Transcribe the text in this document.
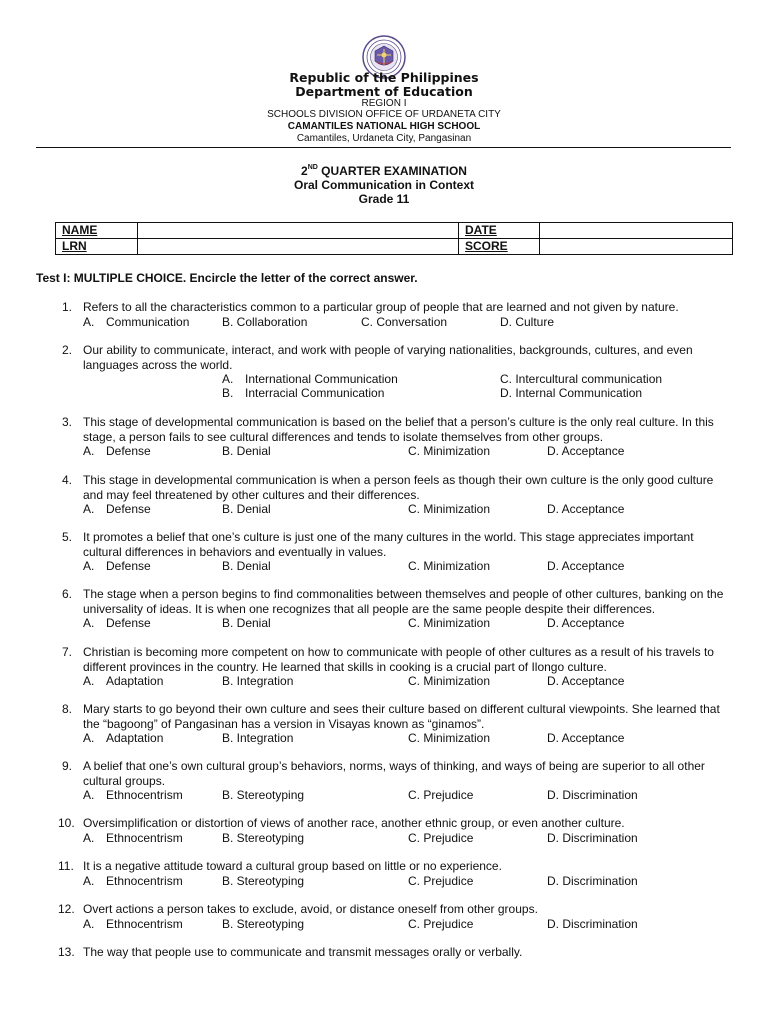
Republic of the Philippines
Department of Education
REGION I
SCHOOLS DIVISION OFFICE OF URDANETA CITY
CAMANTILES NATIONAL HIGH SCHOOL
Camantiles, Urdaneta City, Pangasinan
2ND QUARTER EXAMINATION
Oral Communication in Context
Grade 11
NAME		DATE	
LRN		SCORE	
Test I: MULTIPLE CHOICE. Encircle the letter of the correct answer.
1. Refers to all the characteristics common to a particular group of people that are learned and not given by nature.
A. Communication	B. Collaboration	C. Conversation	D. Culture
2. Our ability to communicate, interact, and work with people of varying nationalities, backgrounds, cultures, and even languages across the world.
A. International Communication	C. Intercultural communication
B. Interracial Communication	D. Internal Communication
3. This stage of developmental communication is based on the belief that a person’s culture is the only real culture. In this stage, a person fails to see cultural differences and tends to isolate themselves from other groups.
A. Defense	B. Denial	C. Minimization	D. Acceptance
4. This stage in developmental communication is when a person feels as though their own culture is the only good culture and may feel threatened by other cultures and their differences.
A. Defense	B. Denial	C. Minimization	D. Acceptance
5. It promotes a belief that one’s culture is just one of the many cultures in the world. This stage appreciates important cultural differences in behaviors and eventually in values.
A. Defense	B. Denial	C. Minimization	D. Acceptance
6. The stage when a person begins to find commonalities between themselves and people of other cultures, banking on the universality of ideas. It is when one recognizes that all people are the same people despite their differences.
A. Defense	B. Denial	C. Minimization	D. Acceptance
7. Christian is becoming more competent on how to communicate with people of other cultures as a result of his travels to different provinces in the country. He learned that skills in cooking is a crucial part of Ilongo culture.
A. Adaptation	B. Integration	C. Minimization	D. Acceptance
8. Mary starts to go beyond their own culture and sees their culture based on different cultural viewpoints. She learned that the “bagoong” of Pangasinan has a version in Visayas known as “ginamos”.
A. Adaptation	B. Integration	C. Minimization	D. Acceptance
9. A belief that one’s own cultural group’s behaviors, norms, ways of thinking, and ways of being are superior to all other cultural groups.
A. Ethnocentrism	B. Stereotyping	C. Prejudice	D. Discrimination
10. Oversimplification or distortion of views of another race, another ethnic group, or even another culture.
A. Ethnocentrism	B. Stereotyping	C. Prejudice	D. Discrimination
11. It is a negative attitude toward a cultural group based on little or no experience.
A. Ethnocentrism	B. Stereotyping	C. Prejudice	D. Discrimination
12. Overt actions a person takes to exclude, avoid, or distance oneself from other groups.
A. Ethnocentrism	B. Stereotyping	C. Prejudice	D. Discrimination
13. The way that people use to communicate and transmit messages orally or verbally.
